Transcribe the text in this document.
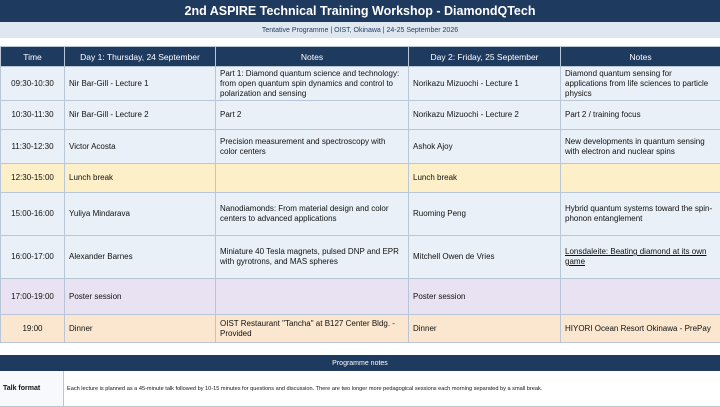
2nd ASPIRE Technical Training Workshop - DiamondQTech
Tentative Programme | OIST, Okinawa | 24-25 September 2026
Time	Day 1: Thursday, 24 September	Notes	Day 2: Friday, 25 September	Notes
09:30-10:30	Nir Bar-Gill - Lecture 1	Part 1: Diamond quantum science and technology: from open quantum spin dynamics and control to polarization and sensing	Norikazu Mizuochi - Lecture 1	Diamond quantum sensing for applications from life sciences to particle physics

10:30-11:30	Nir Bar-Gill - Lecture 2	Part 2	Norikazu Mizuochi - Lecture 2	Part 2 / training focus

11:30-12:30	Victor Acosta	Precision measurement and spectroscopy with color centers	Ashok Ajoy	New developments in quantum sensing with electron and nuclear spins

12:30-15:00	Lunch break		Lunch break	
15:00-16:00	Yuliya Mindarava	Nanodiamonds: From material design and color centers to advanced applications	Ruoming Peng	Hybrid quantum systems toward the spin-phonon entanglement

16:00-17:00	Alexander Barnes	Miniature 40 Tesla magnets, pulsed DNP and EPR with gyrotrons, and MAS spheres	Mitchell Owen de Vries	Lonsdaleite: Beating diamond at its own game

17:00-19:00	Poster session		Poster session	
19:00	Dinner	OIST Restaurant "Tancha" at B127 Center Bldg. - Provided	Dinner	HIYORI Ocean Resort Okinawa - PrePay
Programme notes
Talk format	Each lecture is planned as a 45-minute talk followed by 10-15 minutes for questions and discussion. There are two longer more pedagogical sessions each morning separated by a small break.
